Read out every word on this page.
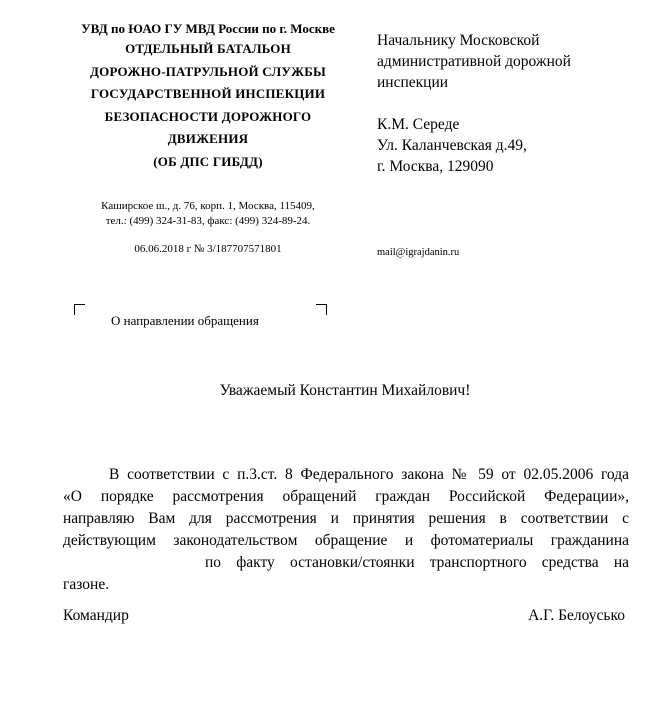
УВД по ЮАО ГУ МВД России по г. Москве
ОТДЕЛЬНЫЙ БАТАЛЬОН
ДОРОЖНО-ПАТРУЛЬНОЙ СЛУЖБЫ
ГОСУДАРСТВЕННОЙ ИНСПЕКЦИИ
БЕЗОПАСНОСТИ ДОРОЖНОГО
ДВИЖЕНИЯ
(ОБ ДПС ГИБДД)
Каширское ш., д. 76, корп. 1, Москва, 115409,
тел.: (499) 324-31-83, факс: (499) 324-89-24.
06.06.2018 г № 3/187707571801
Начальнику Московской
административной дорожной
инспекции
К.М. Середе
Ул. Каланчевская д.49,
г. Москва, 129090
mail@igrajdanin.ru
О направлении обращения
Уважаемый Константин Михайлович!
В соответствии с п.3.ст. 8 Федерального закона № 59 от 02.05.2006 года
«О порядке рассмотрения обращений граждан Российской Федерации»,
направляю Вам для рассмотрения и принятия решения в соответствии с
действующим законодательством обращение и фотоматериалы гражданина
по факту остановки/стоянки транспортного средства на
газоне.
Командир	А.Г. Белоусько
